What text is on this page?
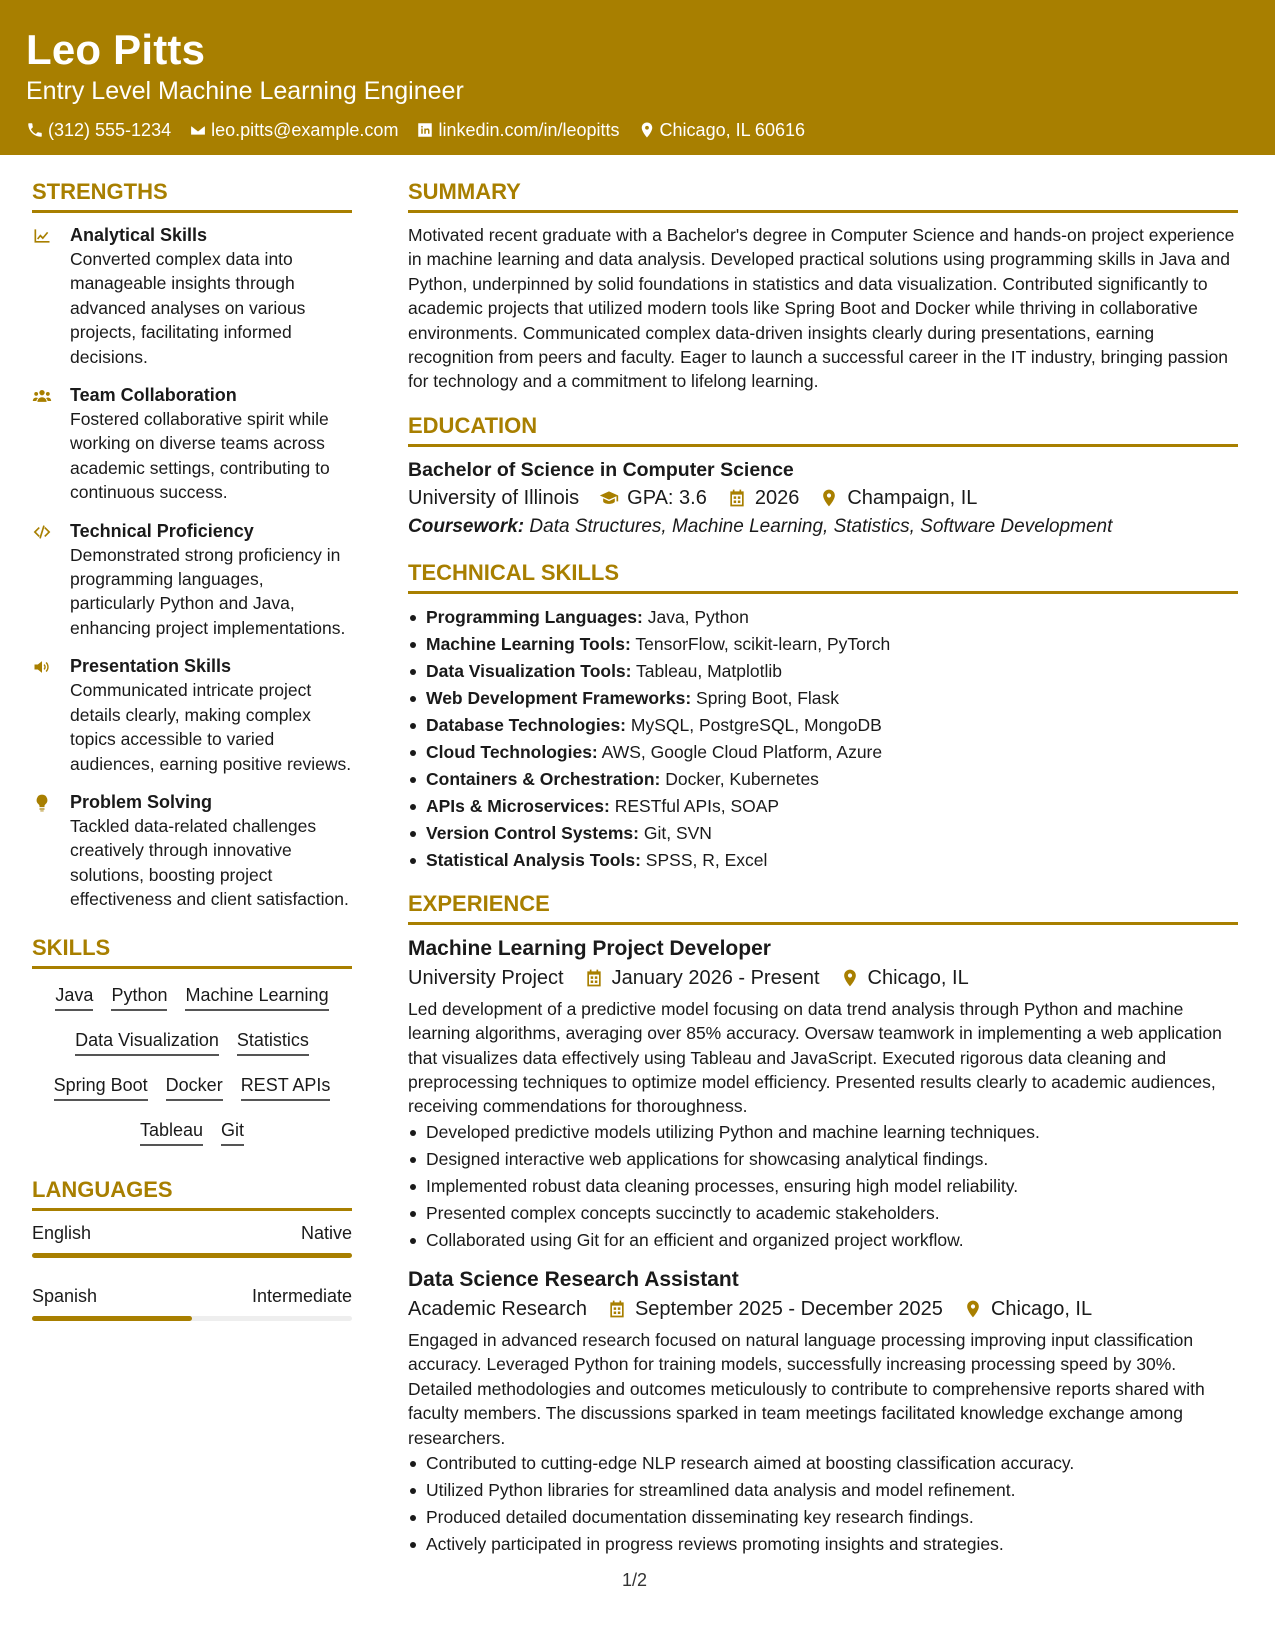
Leo Pitts
Entry Level Machine Learning Engineer
(312) 555-1234 leo.pitts@example.com linkedin.com/in/leopitts Chicago, IL 60616
STRENGTHS
Analytical Skills
Converted complex data into manageable insights through advanced analyses on various projects, facilitating informed decisions.
Team Collaboration
Fostered collaborative spirit while working on diverse teams across academic settings, contributing to continuous success.
Technical Proficiency
Demonstrated strong proficiency in programming languages, particularly Python and Java, enhancing project implementations.
Presentation Skills
Communicated intricate project details clearly, making complex topics accessible to varied audiences, earning positive reviews.
Problem Solving
Tackled data-related challenges creatively through innovative solutions, boosting project effectiveness and client satisfaction.
SKILLS
Java Python Machine Learning
Data Visualization Statistics
Spring Boot Docker REST APIs
Tableau Git
LANGUAGES
English	Native
Spanish	Intermediate
SUMMARY
Motivated recent graduate with a Bachelor's degree in Computer Science and hands-on project experience in machine learning and data analysis. Developed practical solutions using programming skills in Java and Python, underpinned by solid foundations in statistics and data visualization. Contributed significantly to academic projects that utilized modern tools like Spring Boot and Docker while thriving in collaborative environments. Communicated complex data-driven insights clearly during presentations, earning recognition from peers and faculty. Eager to launch a successful career in the IT industry, bringing passion for technology and a commitment to lifelong learning.
EDUCATION
Bachelor of Science in Computer Science
University of Illinois GPA: 3.6 2026 Champaign, IL
Coursework: Data Structures, Machine Learning, Statistics, Software Development
TECHNICAL SKILLS
Programming Languages: Java, Python
Machine Learning Tools: TensorFlow, scikit-learn, PyTorch
Data Visualization Tools: Tableau, Matplotlib
Web Development Frameworks: Spring Boot, Flask
Database Technologies: MySQL, PostgreSQL, MongoDB
Cloud Technologies: AWS, Google Cloud Platform, Azure
Containers & Orchestration: Docker, Kubernetes
APIs & Microservices: RESTful APIs, SOAP
Version Control Systems: Git, SVN
Statistical Analysis Tools: SPSS, R, Excel
EXPERIENCE
Machine Learning Project Developer
University Project January 2026 - Present Chicago, IL
Led development of a predictive model focusing on data trend analysis through Python and machine learning algorithms, averaging over 85% accuracy. Oversaw teamwork in implementing a web application that visualizes data effectively using Tableau and JavaScript. Executed rigorous data cleaning and preprocessing techniques to optimize model efficiency. Presented results clearly to academic audiences, receiving commendations for thoroughness.
Developed predictive models utilizing Python and machine learning techniques.
Designed interactive web applications for showcasing analytical findings.
Implemented robust data cleaning processes, ensuring high model reliability.
Presented complex concepts succinctly to academic stakeholders.
Collaborated using Git for an efficient and organized project workflow.
Data Science Research Assistant
Academic Research September 2025 - December 2025 Chicago, IL
Engaged in advanced research focused on natural language processing improving input classification accuracy. Leveraged Python for training models, successfully increasing processing speed by 30%. Detailed methodologies and outcomes meticulously to contribute to comprehensive reports shared with faculty members. The discussions sparked in team meetings facilitated knowledge exchange among researchers.
Contributed to cutting-edge NLP research aimed at boosting classification accuracy.
Utilized Python libraries for streamlined data analysis and model refinement.
Produced detailed documentation disseminating key research findings.
Actively participated in progress reviews promoting insights and strategies.
1/2
